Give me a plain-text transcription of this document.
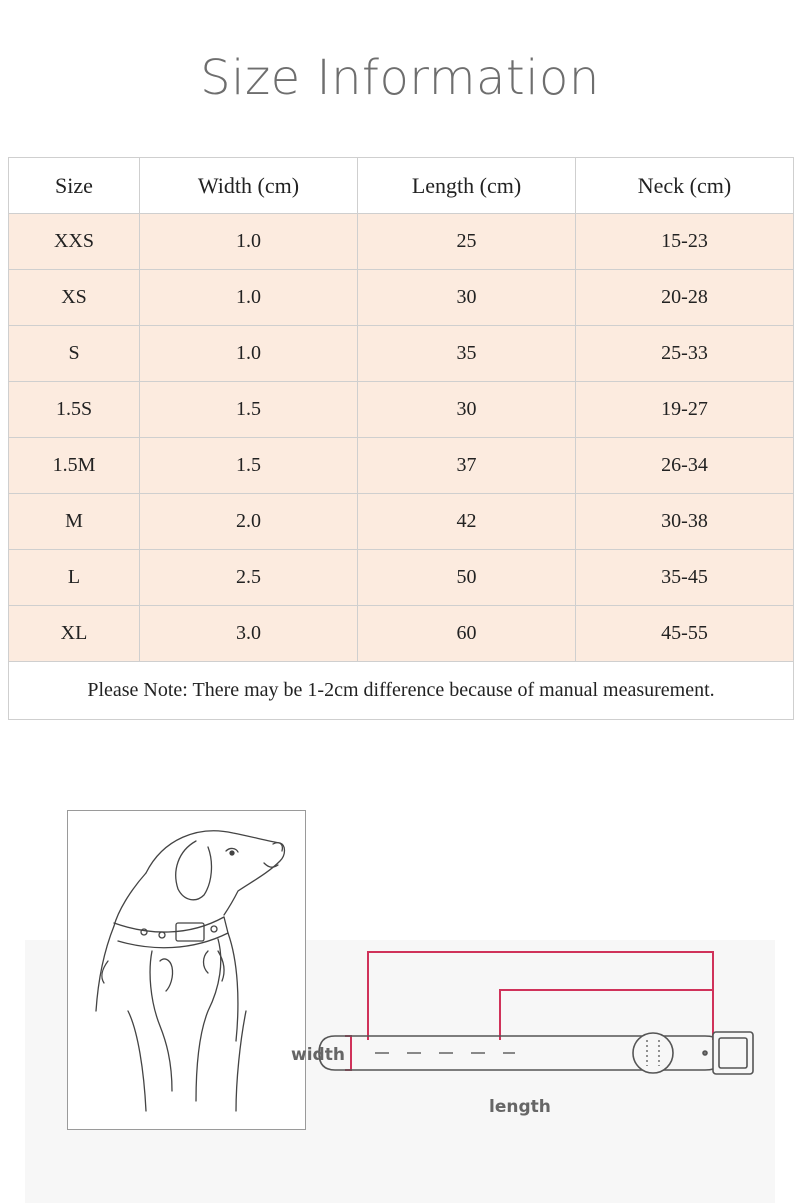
Size Information
Size	Width (cm)	Length (cm)	Neck (cm)
XXS	1.0	25	15-23
XS	1.0	30	20-28
S	1.0	35	25-33
1.5S	1.5	30	19-27
1.5M	1.5	37	26-34
M	2.0	42	30-38
L	2.5	50	35-45
XL	3.0	60	45-55
Please Note: There may be 1-2cm difference because of manual measurement.			
width
length
